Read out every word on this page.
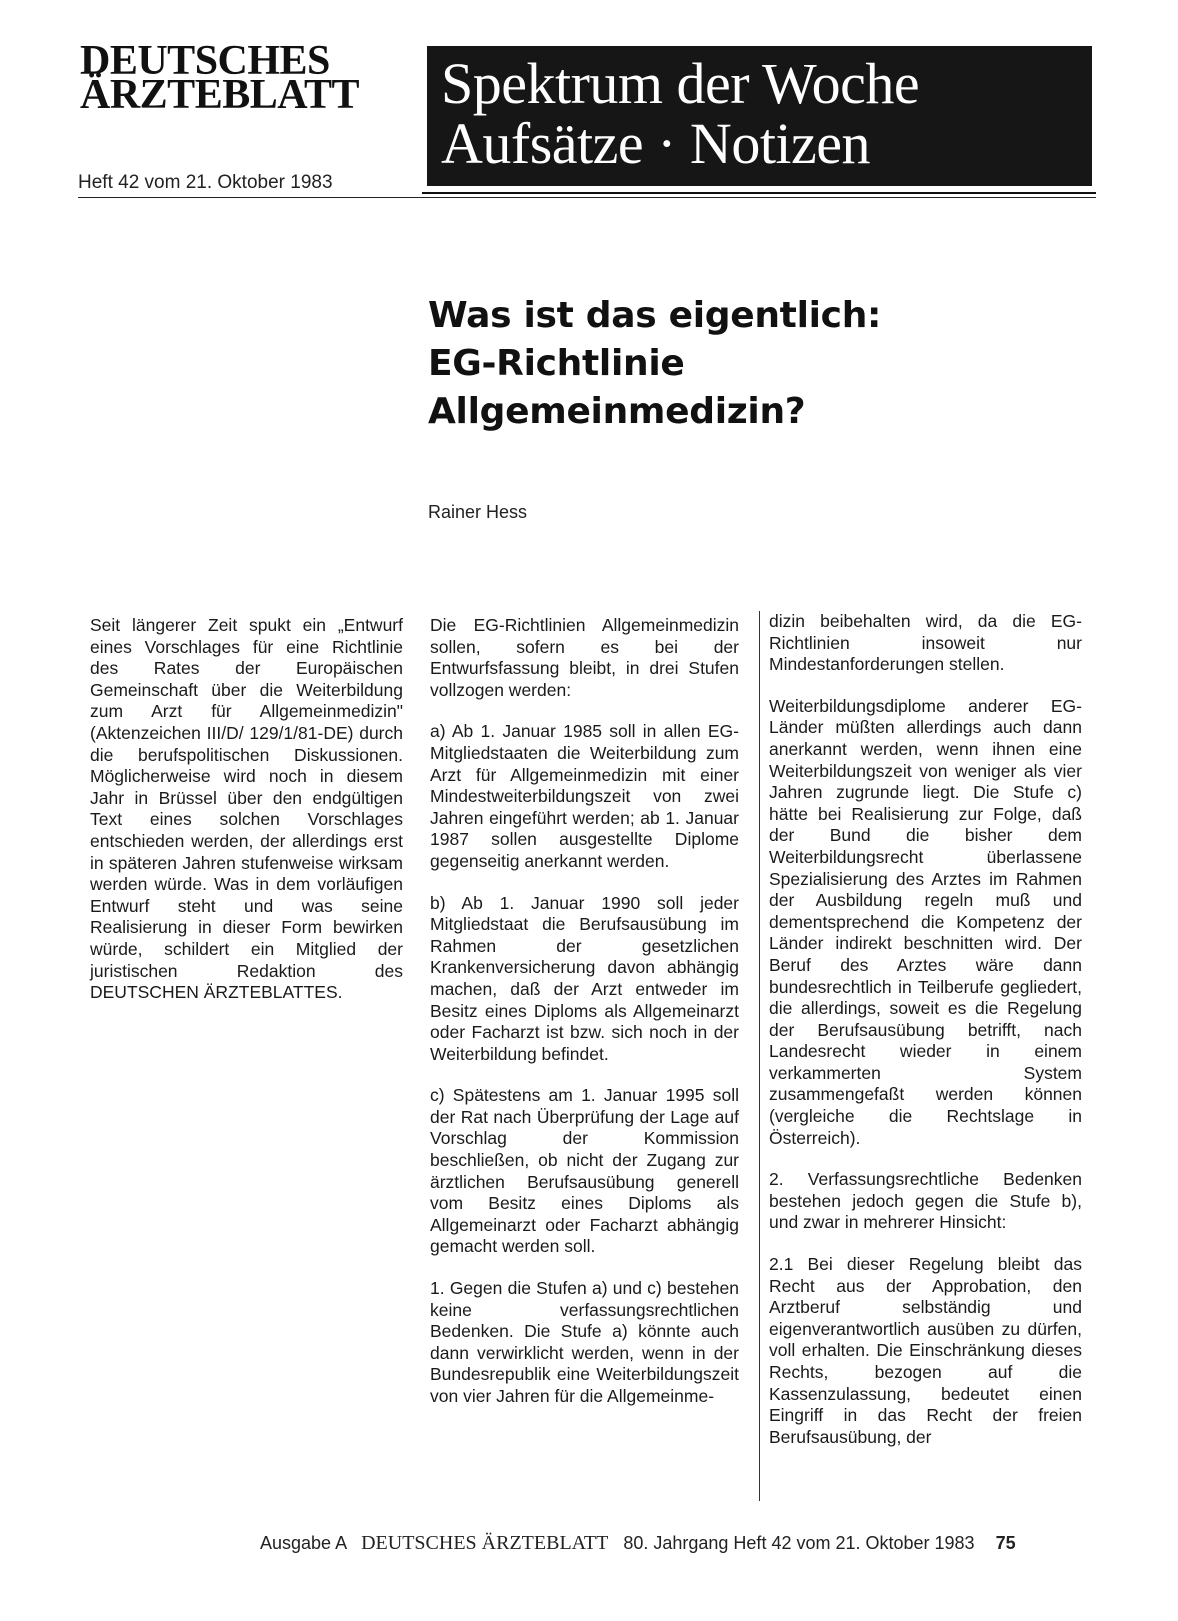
DEUTSCHES
ÄRZTEBLATT
Heft 42 vom 21. Oktober 1983
Spektrum der Woche
Aufsätze · Notizen
Was ist das eigentlich:
EG-Richtlinie
Allgemeinmedizin?
Rainer Hess

Seit längerer Zeit spukt ein „Entwurf eines Vorschlages für eine Richtlinie des Rates der Europäischen Gemeinschaft über die Weiterbildung zum Arzt für Allgemeinmedizin" (Aktenzeichen III/D/ 129/1/81-DE) durch die berufspolitischen Diskussionen. Möglicherweise wird noch in diesem Jahr in Brüssel über den endgültigen Text eines solchen Vorschlages entschieden werden, der allerdings erst in späteren Jahren stufenweise wirksam werden würde. Was in dem vorläufigen Entwurf steht und was seine Realisierung in dieser Form bewirken würde, schildert ein Mitglied der juristischen Redaktion des DEUTSCHEN ÄRZTEBLATTES.

Die EG-Richtlinien Allgemeinmedizin sollen, sofern es bei der Entwurfsfassung bleibt, in drei Stufen vollzogen werden:

a) Ab 1. Januar 1985 soll in allen EG-Mitgliedstaaten die Weiterbildung zum Arzt für Allgemeinmedizin mit einer Mindestweiterbildungszeit von zwei Jahren eingeführt werden; ab 1. Januar 1987 sollen ausgestellte Diplome gegenseitig anerkannt werden.

b) Ab 1. Januar 1990 soll jeder Mitgliedstaat die Berufsausübung im Rahmen der gesetzlichen Krankenversicherung davon abhängig machen, daß der Arzt entweder im Besitz eines Diploms als Allgemeinarzt oder Facharzt ist bzw. sich noch in der Weiterbildung befindet.

c) Spätestens am 1. Januar 1995 soll der Rat nach Überprüfung der Lage auf Vorschlag der Kommission beschließen, ob nicht der Zugang zur ärztlichen Berufsausübung generell vom Besitz eines Diploms als Allgemeinarzt oder Facharzt abhängig gemacht werden soll.

1. Gegen die Stufen a) und c) bestehen keine verfassungsrechtlichen Bedenken. Die Stufe a) könnte auch dann verwirklicht werden, wenn in der Bundesrepublik eine Weiterbildungszeit von vier Jahren für die Allgemeinme-

dizin beibehalten wird, da die EG-Richtlinien insoweit nur Mindestanforderungen stellen.

Weiterbildungsdiplome anderer EG-Länder müßten allerdings auch dann anerkannt werden, wenn ihnen eine Weiterbildungszeit von weniger als vier Jahren zugrunde liegt. Die Stufe c) hätte bei Realisierung zur Folge, daß der Bund die bisher dem Weiterbildungsrecht überlassene Spezialisierung des Arztes im Rahmen der Ausbildung regeln muß und dementsprechend die Kompetenz der Länder indirekt beschnitten wird. Der Beruf des Arztes wäre dann bundesrechtlich in Teilberufe gegliedert, die allerdings, soweit es die Regelung der Berufsausübung betrifft, nach Landesrecht wieder in einem verkammerten System zusammengefaßt werden können (vergleiche die Rechtslage in Österreich).

2. Verfassungsrechtliche Bedenken bestehen jedoch gegen die Stufe b), und zwar in mehrerer Hinsicht:

2.1 Bei dieser Regelung bleibt das Recht aus der Approbation, den Arztberuf selbständig und eigenverantwortlich ausüben zu dürfen, voll erhalten. Die Einschränkung dieses Rechts, bezogen auf die Kassenzulassung, bedeutet einen Eingriff in das Recht der freien Berufsausübung, der

Ausgabe A DEUTSCHES ÄRZTEBLATT 80. Jahrgang Heft 42 vom 21. Oktober 1983 75
